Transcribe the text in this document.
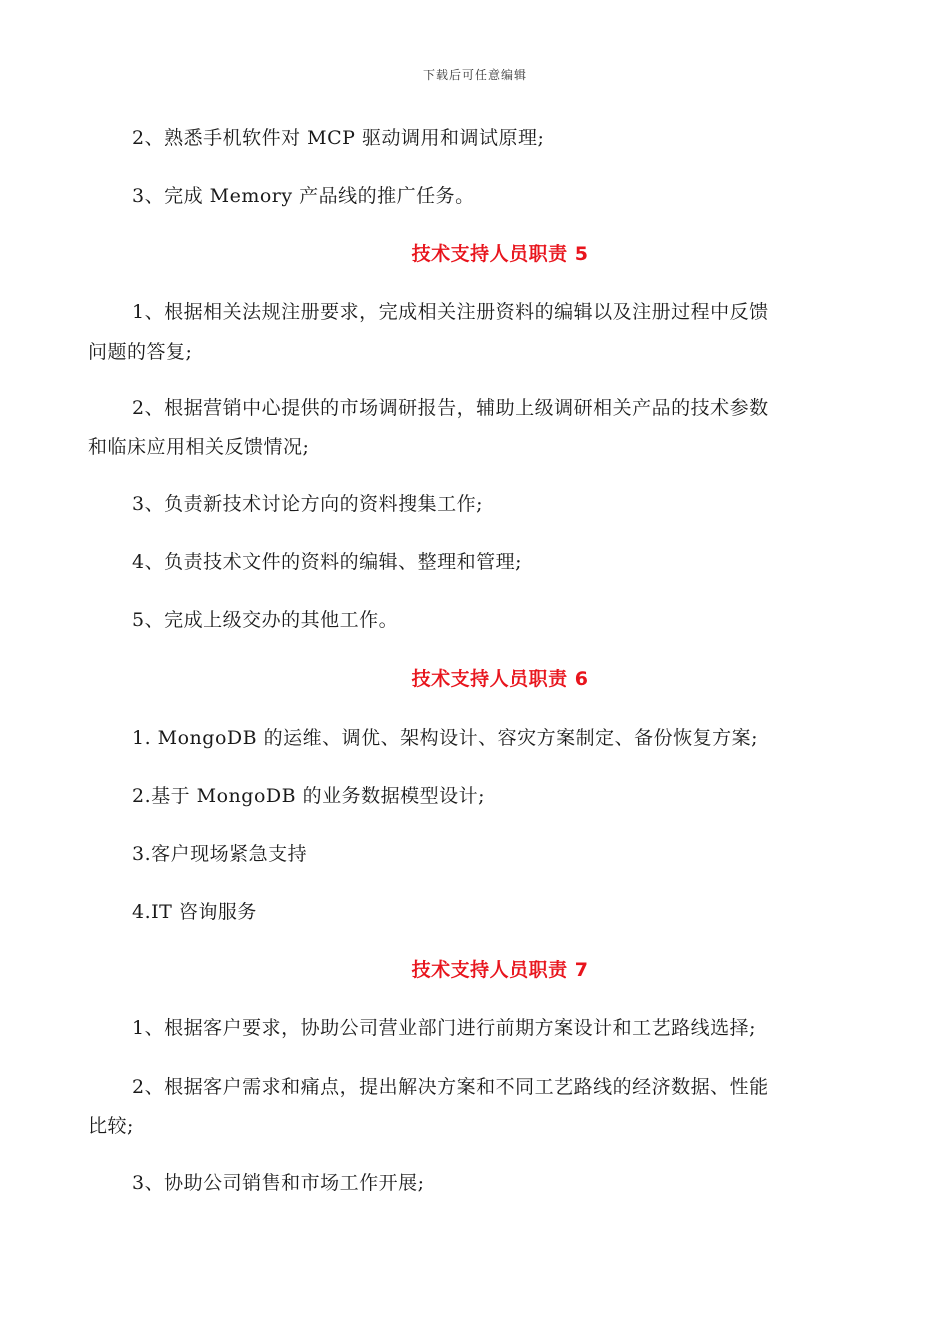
下载后可任意编辑
2、熟悉手机软件对 MCP 驱动调用和调试原理;
3、完成 Memory 产品线的推广任务。
技术支持人员职责 5
1、根据相关法规注册要求，完成相关注册资料的编辑以及注册过程中反馈
问题的答复;
2、根据营销中心提供的市场调研报告，辅助上级调研相关产品的技术参数
和临床应用相关反馈情况;
3、负责新技术讨论方向的资料搜集工作;
4、负责技术文件的资料的编辑、整理和管理;
5、完成上级交办的其他工作。
技术支持人员职责 6
1. MongoDB 的运维、调优、架构设计、容灾方案制定、备份恢复方案;
2.基于 MongoDB 的业务数据模型设计;
3.客户现场紧急支持
4.IT 咨询服务
技术支持人员职责 7
1、根据客户要求，协助公司营业部门进行前期方案设计和工艺路线选择;
2、根据客户需求和痛点，提出解决方案和不同工艺路线的经济数据、性能
比较;
3、协助公司销售和市场工作开展;
